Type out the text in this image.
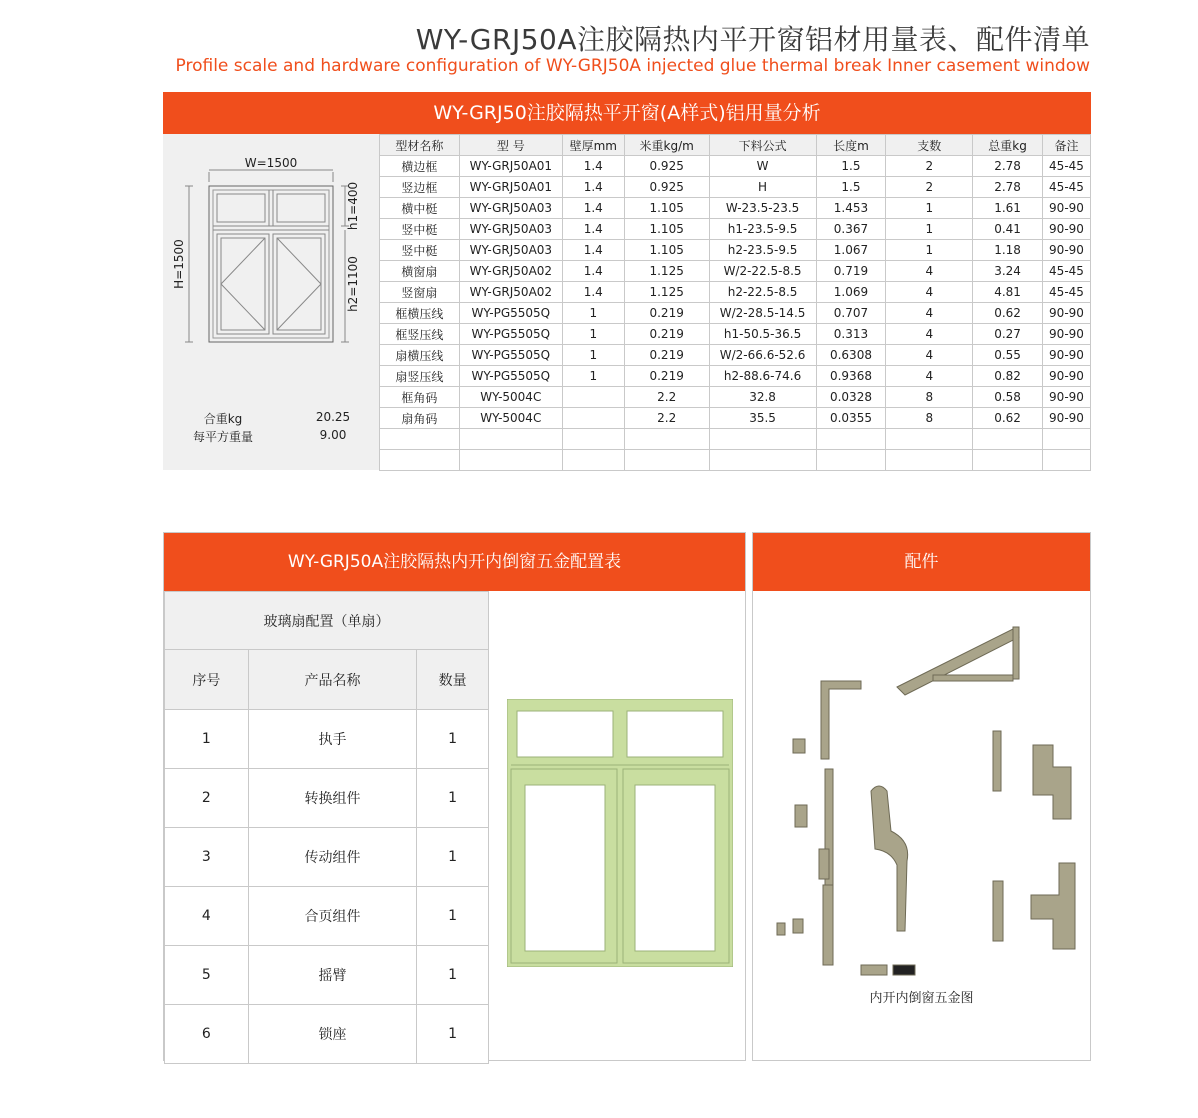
WY-GRJ50A注胶隔热内平开窗铝材用量表、配件清单
Profile scale and hardware configuration of WY-GRJ50A injected glue thermal break Inner casement window
WY-GRJ50注胶隔热平开窗(A样式)铝用量分析
W=1500
H=1500
h1=400
h2=1100
合重kg	20.25
每平方重量	9.00
型材名称	型 号	壁厚mm	米重kg/m	下料公式	长度m	支数	总重kg	备注
横边框	WY-GRJ50A01	1.4	0.925	W	1.5	2	2.78	45-45
竖边框	WY-GRJ50A01	1.4	0.925	H	1.5	2	2.78	45-45
横中梃	WY-GRJ50A03	1.4	1.105	W-23.5-23.5	1.453	1	1.61	90-90
竖中梃	WY-GRJ50A03	1.4	1.105	h1-23.5-9.5	0.367	1	0.41	90-90
竖中梃	WY-GRJ50A03	1.4	1.105	h2-23.5-9.5	1.067	1	1.18	90-90
横窗扇	WY-GRJ50A02	1.4	1.125	W/2-22.5-8.5	0.719	4	3.24	45-45
竖窗扇	WY-GRJ50A02	1.4	1.125	h2-22.5-8.5	1.069	4	4.81	45-45
框横压线	WY-PG5505Q	1	0.219	W/2-28.5-14.5	0.707	4	0.62	90-90
框竖压线	WY-PG5505Q	1	0.219	h1-50.5-36.5	0.313	4	0.27	90-90
扇横压线	WY-PG5505Q	1	0.219	W/2-66.6-52.6	0.6308	4	0.55	90-90
扇竖压线	WY-PG5505Q	1	0.219	h2-88.6-74.6	0.9368	4	0.82	90-90
框角码	WY-5004C		2.2	32.8	0.0328	8	0.58	90-90
扇角码	WY-5004C		2.2	35.5	0.0355	8	0.62	90-90

WY-GRJ50A注胶隔热内开内倒窗五金配置表
玻璃扇配置（单扇）		
序号	产品名称	数量
1	执手	1
2	转换组件	1
3	传动组件	1
4	合页组件	1
5	摇臂	1
6	锁座	1
配件
内开内倒窗五金图
